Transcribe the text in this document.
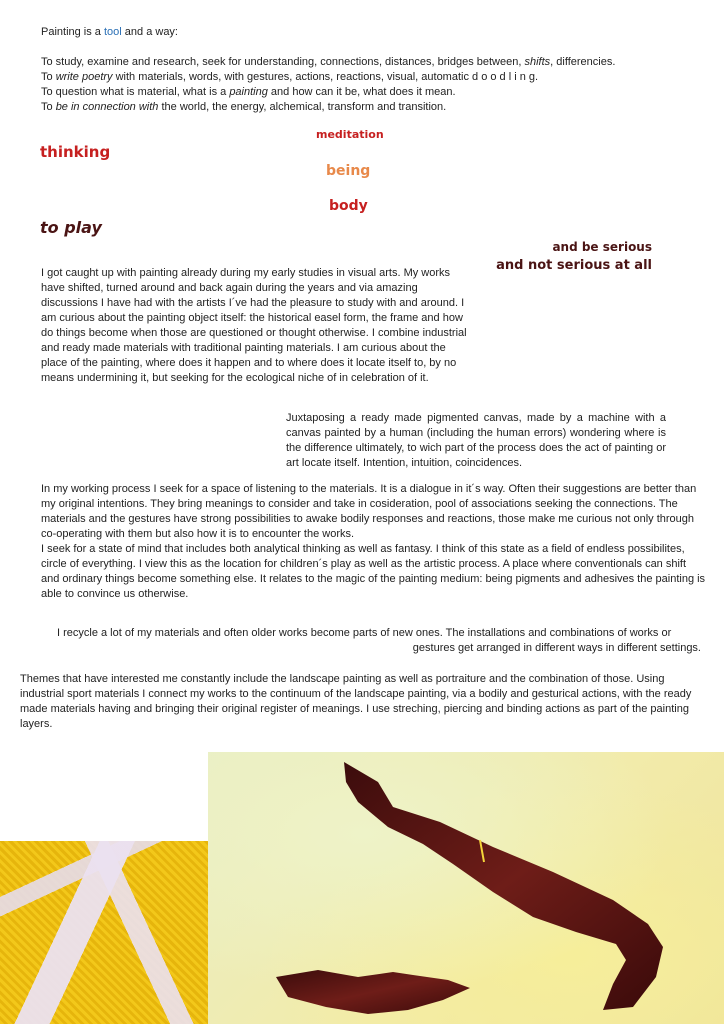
Painting is a tool and a way:

To study, examine and research, seek for understanding, connections, distances, bridges between, shifts, differencies.

To write poetry with materials, words, with gestures, actions, reactions, visual, automatic d o o d l i n g.

To question what is material, what is a painting and how can it be, what does it mean.

To be in connection with the world, the energy, alchemical, transform and transition.

meditation
thinking
being
body
to play
and be serious
and not serious at all

I got caught up with painting already during my early studies in visual arts. My works have shifted, turned around and back again during the years and via amazing discussions I have had with the artists I´ve had the pleasure to study with and around. I am curious about the painting object itself: the historical easel form, the frame and how do things become when those are questioned or thought otherwise. I combine industrial and ready made materials with traditional painting materials. I am curious about the place of the painting, where does it happen and to where does it locate itself to, by no means undermining it, but seeking for the ecological niche of in celebration of it.

Juxtaposing a ready made pigmented canvas, made by a machine with a canvas painted by a human (including the human errors) wondering where is the difference ultimately, to wich part of the process does the act of painting or art locate itself. Intention, intuition, coincidences.

In my working process I seek for a space of listening to the materials. It is a dialogue in it´s way. Often their suggestions are better than my original intentions. They bring meanings to consider and take in cosideration, pool of associations seeking the connections. The materials and the gestures have strong possibilities to awake bodily responses and reactions, those make me curious not only through co-operating with them but also how it is to encounter the works.

I seek for a state of mind that includes both analytical thinking as well as fantasy. I think of this state as a field of endless possibilites, circle of everything. I view this as the location for children´s play as well as the artistic process. A place where conventionals can shift and ordinary things become something else. It relates to the magic of the painting medium: being pigments and adhesives the painting is able to convince us otherwise.

I recycle a lot of my materials and often older works become parts of new ones. The installations and combinations of works or
gestures get arranged in different ways in different settings.

Themes that have interested me constantly include the landscape painting as well as portraiture and the combination of those. Using industrial sport materials I connect my works to the continuum of the landscape painting, via a bodily and gesturical actions, with the ready made materials having and bringing their original register of meanings. I use streching, piercing and binding actions as part of the painting layers.
